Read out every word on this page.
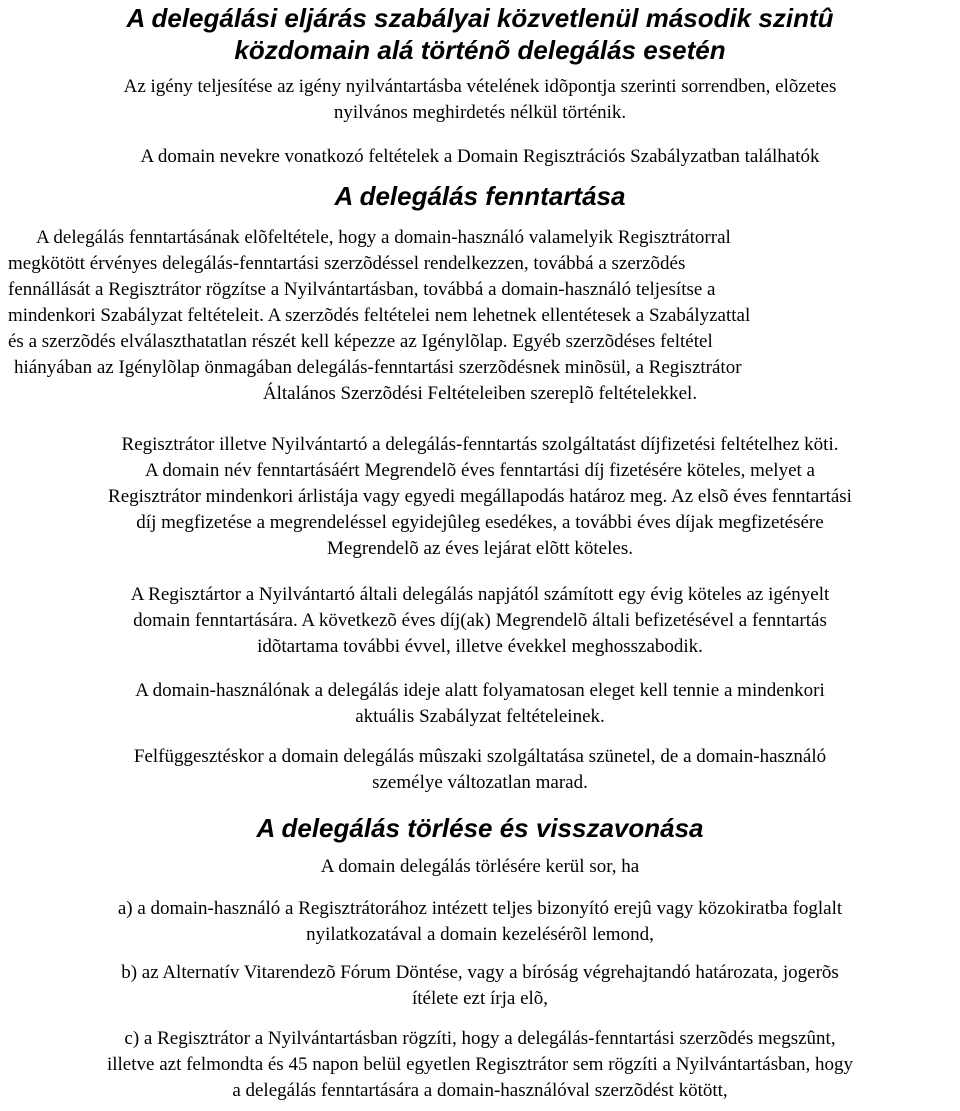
A delegálási eljárás szabályai közvetlenül második szintû
közdomain alá történõ delegálás esetén
Az igény teljesítése az igény nyilvántartásba vételének idõpontja szerinti sorrendben, elõzetes
nyilvános meghirdetés nélkül történik.
A domain nevekre vonatkozó feltételek a Domain Regisztrációs Szabályzatban találhatók
A delegálás fenntartása
A delegálás fenntartásának elõfeltétele, hogy a domain-használó valamelyik Regisztrátorral
megkötött érvényes delegálás-fenntartási szerzõdéssel rendelkezzen, továbbá a szerzõdés
fennállását a Regisztrátor rögzítse a Nyilvántartásban, továbbá a domain-használó teljesítse a
mindenkori Szabályzat feltételeit. A szerzõdés feltételei nem lehetnek ellentétesek a Szabályzattal
és a szerzõdés elválaszthatatlan részét kell képezze az Igénylõlap. Egyéb szerzõdéses feltétel
hiányában az Igénylõlap önmagában delegálás-fenntartási szerzõdésnek minõsül, a Regisztrátor
Általános Szerzõdési Feltételeiben szereplõ feltételekkel.
Regisztrátor illetve Nyilvántartó a delegálás-fenntartás szolgáltatást díjfizetési feltételhez köti.
A domain név fenntartásáért Megrendelõ éves fenntartási díj fizetésére köteles, melyet a
Regisztrátor mindenkori árlistája vagy egyedi megállapodás határoz meg. Az elsõ éves fenntartási
díj megfizetése a megrendeléssel egyidejûleg esedékes, a további éves díjak megfizetésére
Megrendelõ az éves lejárat elõtt köteles.
A Regisztártor a Nyilvántartó általi delegálás napjától számított egy évig köteles az igényelt
domain fenntartására. A következõ éves díj(ak) Megrendelõ általi befizetésével a fenntartás
idõtartama további évvel, illetve évekkel meghosszabodik.
A domain-használónak a delegálás ideje alatt folyamatosan eleget kell tennie a mindenkori
aktuális Szabályzat feltételeinek.
Felfüggesztéskor a domain delegálás mûszaki szolgáltatása szünetel, de a domain-használó
személye változatlan marad.
A delegálás törlése és visszavonása
A domain delegálás törlésére kerül sor, ha
a) a domain-használó a Regisztrátorához intézett teljes bizonyító erejû vagy közokiratba foglalt
nyilatkozatával a domain kezelésérõl lemond,
b) az Alternatív Vitarendezõ Fórum Döntése, vagy a bíróság végrehajtandó határozata, jogerõs
ítélete ezt írja elõ,
c) a Regisztrátor a Nyilvántartásban rögzíti, hogy a delegálás-fenntartási szerzõdés megszûnt,
illetve azt felmondta és 45 napon belül egyetlen Regisztrátor sem rögzíti a Nyilvántartásban, hogy
a delegálás fenntartására a domain-használóval szerzõdést kötött,
